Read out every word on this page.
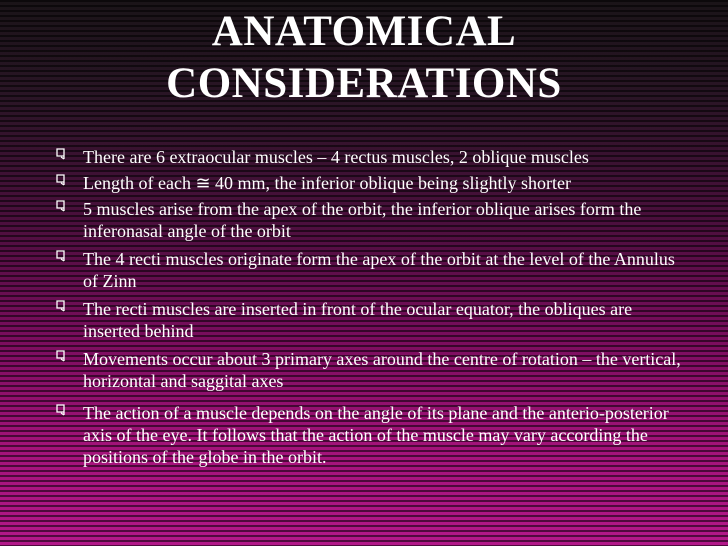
ANATOMICAL
CONSIDERATIONS
There are 6 extraocular muscles – 4 rectus muscles, 2 oblique muscles
Length of each ≅ 40 mm, the inferior oblique being slightly shorter
5 muscles arise from the apex of the orbit, the inferior oblique arises form the inferonasal angle of the orbit
The 4 recti muscles originate form the apex of the orbit at the level of the Annulus of Zinn
The recti muscles are inserted in front of the ocular equator, the obliques are inserted behind
Movements occur about 3 primary axes around the centre of rotation – the vertical, horizontal and saggital axes
The action of a muscle depends on the angle of its plane and the anterio-posterior axis of the eye. It follows that the action of the muscle may vary according the positions of the globe in the orbit.
